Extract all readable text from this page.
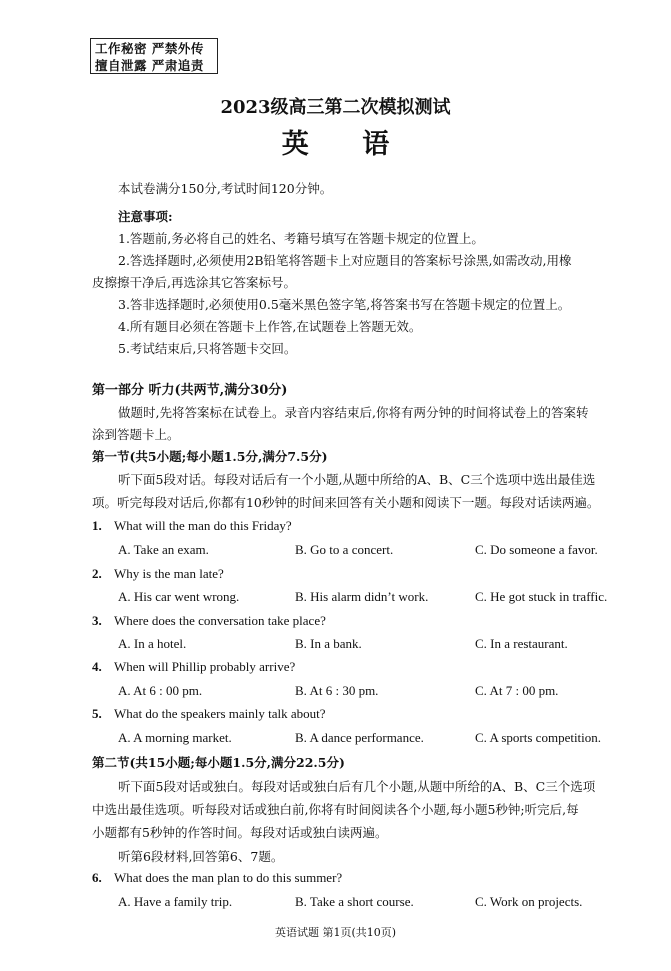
工作秘密 严禁外传
擅自泄露 严肃追责
2023级高三第二次模拟测试
英 语
本试卷满分150分,考试时间120分钟。
注意事项:
1.答题前,务必将自己的姓名、考籍号填写在答题卡规定的位置上。
2.答选择题时,必须使用2B铅笔将答题卡上对应题目的答案标号涂黑,如需改动,用橡
皮擦擦干净后,再选涂其它答案标号。
3.答非选择题时,必须使用0.5毫米黑色签字笔,将答案书写在答题卡规定的位置上。
4.所有题目必须在答题卡上作答,在试题卷上答题无效。
5.考试结束后,只将答题卡交回。
第一部分 听力(共两节,满分30分)
做题时,先将答案标在试卷上。录音内容结束后,你将有两分钟的时间将试卷上的答案转
涂到答题卡上。
第一节(共5小题;每小题1.5分,满分7.5分)
听下面5段对话。每段对话后有一个小题,从题中所给的A、B、C三个选项中选出最佳选
项。听完每段对话后,你都有10秒钟的时间来回答有关小题和阅读下一题。每段对话读两遍。
1. What will the man do this Friday?
A. Take an exam.	B. Go to a concert.	C. Do someone a favor.
2. Why is the man late?
A. His car went wrong.	B. His alarm didn’t work.	C. He got stuck in traffic.
3. Where does the conversation take place?
A. In a hotel.	B. In a bank.	C. In a restaurant.
4. When will Phillip probably arrive?
A. At 6 : 00 pm.	B. At 6 : 30 pm.	C. At 7 : 00 pm.
5. What do the speakers mainly talk about?
A. A morning market.	B. A dance performance.	C. A sports competition.
第二节(共15小题;每小题1.5分,满分22.5分)
听下面5段对话或独白。每段对话或独白后有几个小题,从题中所给的A、B、C三个选项
中选出最佳选项。听每段对话或独白前,你将有时间阅读各个小题,每小题5秒钟;听完后,每
小题都有5秒钟的作答时间。每段对话或独白读两遍。
听第6段材料,回答第6、7题。
6. What does the man plan to do this summer?
A. Have a family trip.	B. Take a short course.	C. Work on projects.
英语试题 第1页(共10页)
